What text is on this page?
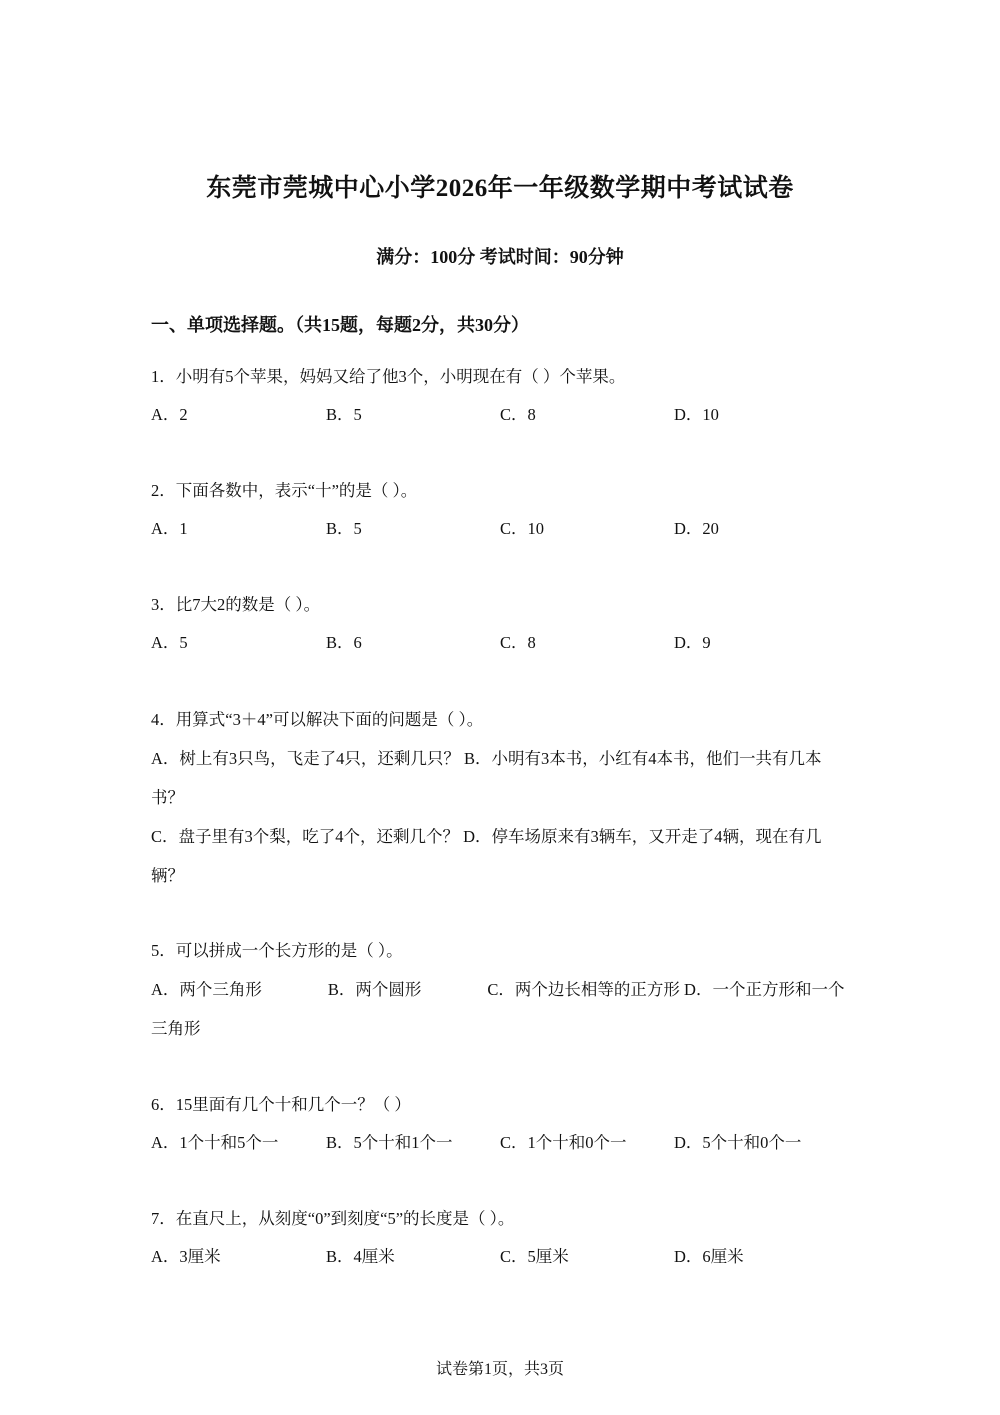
东莞市莞城中心小学2026年一年级数学期中考试试卷
满分：100分 考试时间：90分钟
一、单项选择题。（共15题，每题2分，共30分）
1．小明有5个苹果，妈妈又给了他3个，小明现在有（ ）个苹果。
A．2	B．5	C．8	D．10
2．下面各数中，表示“十”的是（ ）。
A．1	B．5	C．10	D．20
3．比7大2的数是（ ）。
A．5	B．6	C．8	D．9
4．用算式“3＋4”可以解决下面的问题是（ ）。
A．树上有3只鸟，飞走了4只，还剩几只？ B．小明有3本书，小红有4本书，他们一共有几本书？
C．盘子里有3个梨，吃了4个，还剩几个？ D．停车场原来有3辆车，又开走了4辆，现在有几辆？
5．可以拼成一个长方形的是（ ）。
A．两个三角形　　　　B．两个圆形　　　　C．两个边长相等的正方形 D．一个正方形和一个三角形
6．15里面有几个十和几个一？（ ）
A．1个十和5个一	B．5个十和1个一	C．1个十和0个一	D．5个十和0个一
7．在直尺上，从刻度“0”到刻度“5”的长度是（ ）。
A．3厘米	B．4厘米	C．5厘米	D．6厘米
试卷第1页，共3页
